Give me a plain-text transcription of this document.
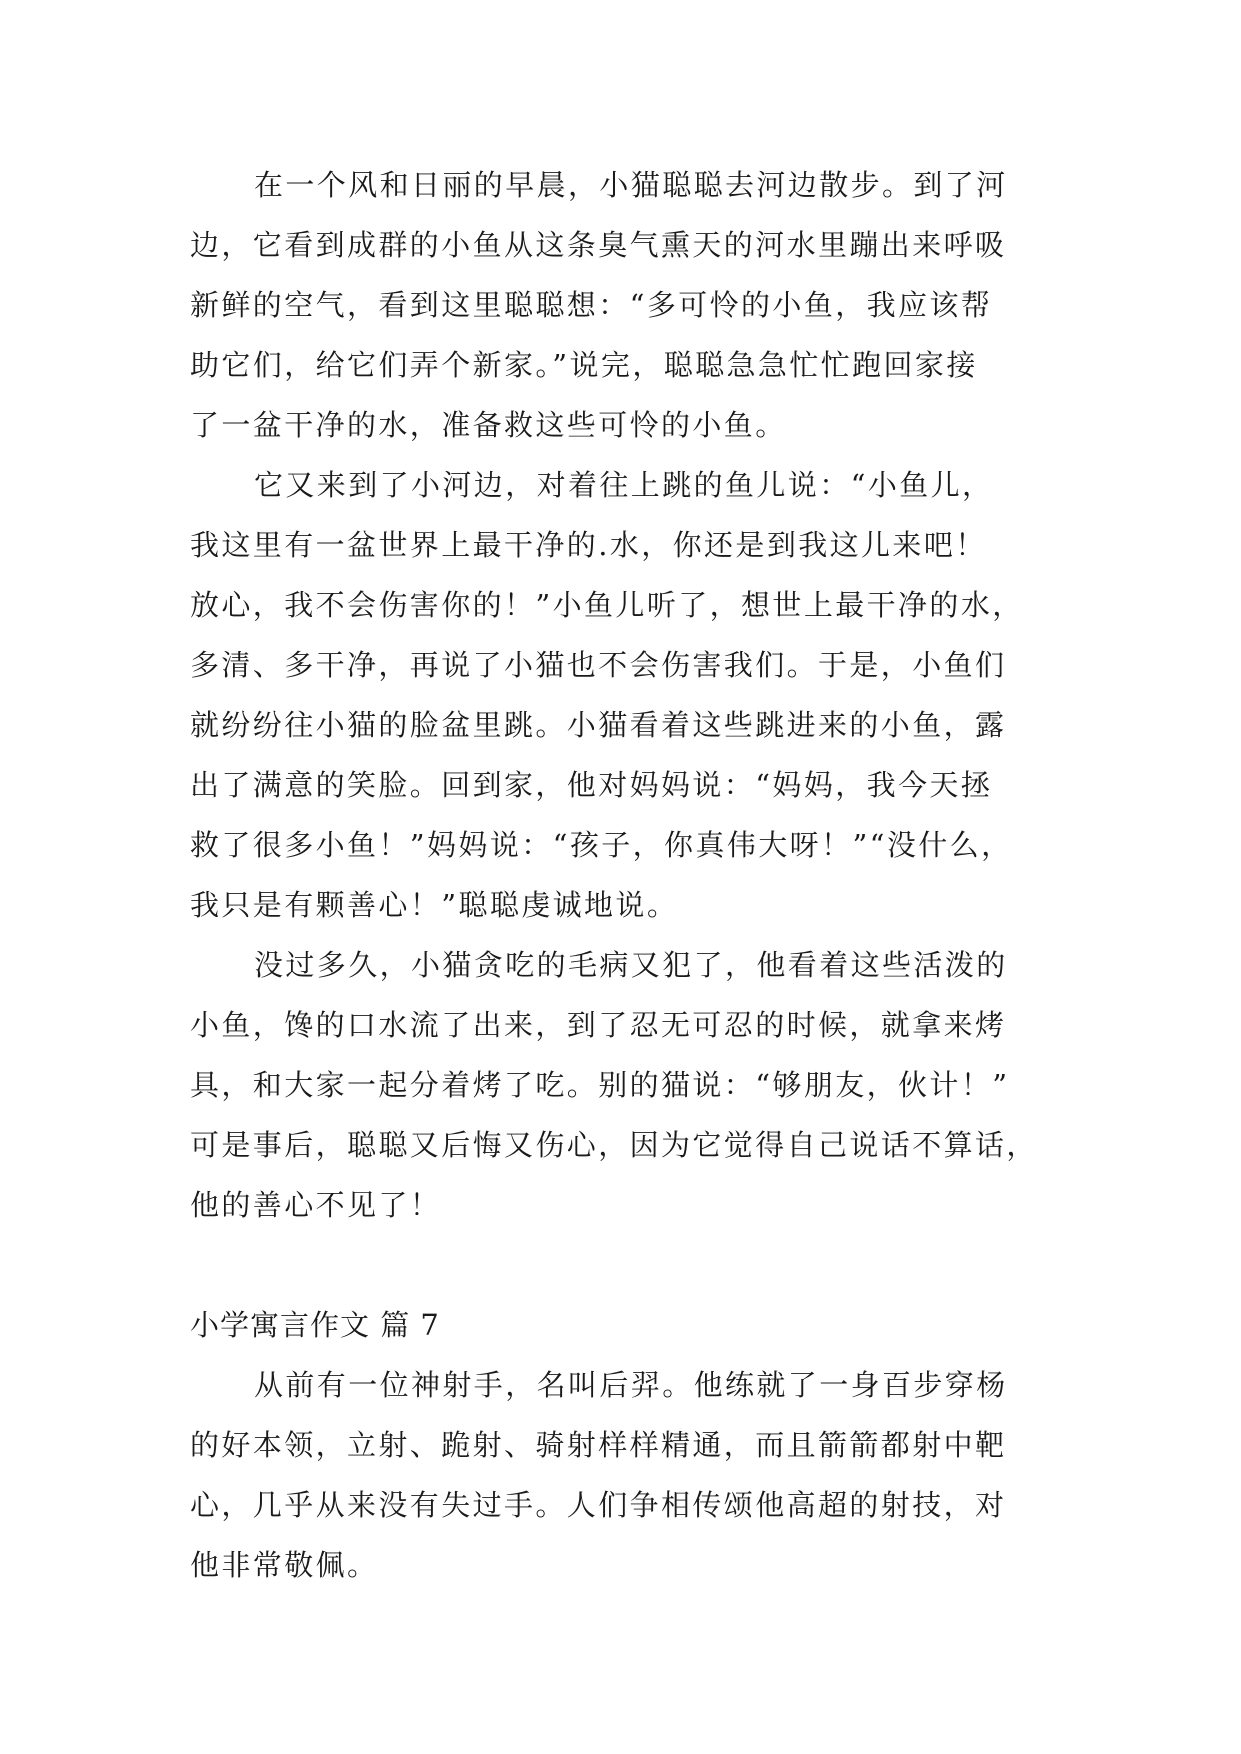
在一个风和日丽的早晨，小猫聪聪去河边散步。到了河
边，它看到成群的小鱼从这条臭气熏天的河水里蹦出来呼吸
新鲜的空气，看到这里聪聪想：“多可怜的小鱼，我应该帮
助它们，给它们弄个新家。”说完，聪聪急急忙忙跑回家接
了一盆干净的水，准备救这些可怜的小鱼。
它又来到了小河边，对着往上跳的鱼儿说：“小鱼儿，
我这里有一盆世界上最干净的.水，你还是到我这儿来吧！
放心，我不会伤害你的！”小鱼儿听了，想世上最干净的水，
多清、多干净，再说了小猫也不会伤害我们。于是，小鱼们
就纷纷往小猫的脸盆里跳。小猫看着这些跳进来的小鱼，露
出了满意的笑脸。回到家，他对妈妈说：“妈妈，我今天拯
救了很多小鱼！”妈妈说：“孩子，你真伟大呀！”“没什么，
我只是有颗善心！”聪聪虔诚地说。
没过多久，小猫贪吃的毛病又犯了，他看着这些活泼的
小鱼，馋的口水流了出来，到了忍无可忍的时候，就拿来烤
具，和大家一起分着烤了吃。别的猫说：“够朋友，伙计！”
可是事后，聪聪又后悔又伤心，因为它觉得自己说话不算话，
他的善心不见了！
小学寓言作文 篇 7
从前有一位神射手，名叫后羿。他练就了一身百步穿杨
的好本领，立射、跪射、骑射样样精通，而且箭箭都射中靶
心，几乎从来没有失过手。人们争相传颂他高超的射技，对
他非常敬佩。
